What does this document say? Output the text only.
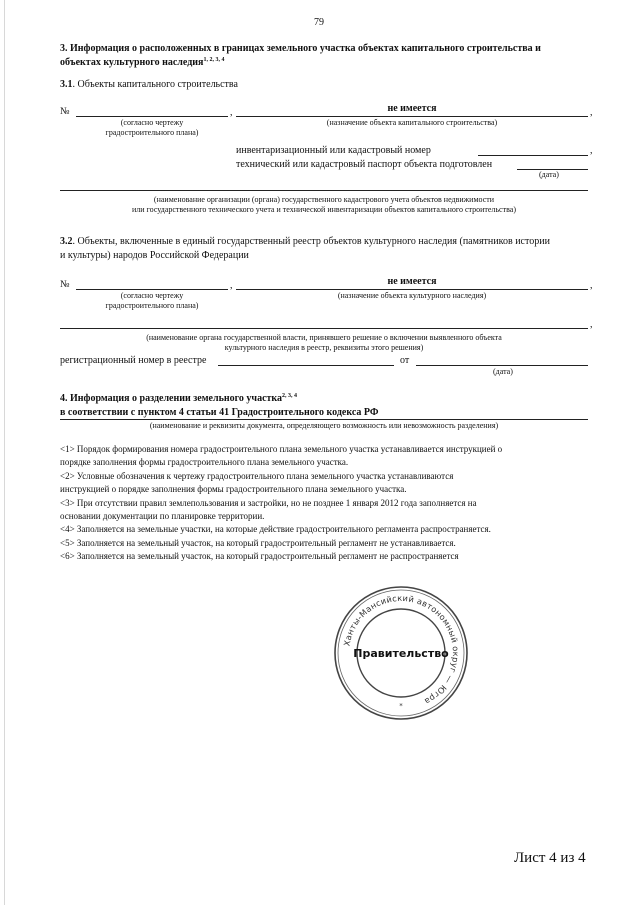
79
3. Информация о расположенных в границах земельного участка объектах капитального строительства и
объектах культурного наследия$^{1, 2, 3, 4}$
3.1. Объекты капитального строительства
№	,	не имеется	,
(согласно чертежу
градостроительного плана)
(назначение объекта капитального строительства)
инвентаризационный или кадастровый номер	,
технический или кадастровый паспорт объекта подготовлен
(дата)
(наименование организации (органа) государственного кадастрового учета объектов недвижимости
или государственного технического учета и технической инвентаризации объектов капитального строительства)
3.2. Объекты, включенные в единый государственный реестр объектов культурного наследия (памятников истории
и культуры) народов Российской Федерации
№	,	не имеется	,
(согласно чертежу
градостроительного плана)
(назначение объекта культурного наследия)
,
(наименование органа государственной власти, принявшего решение о включении выявленного объекта
культурного наследия в реестр, реквизиты этого решения)
регистрационный номер в реестре	от
(дата)
4. Информация о разделении земельного участка$^{2, 3, 4}$
в соответствии с пунктом 4 статьи 41 Градостроительного кодекса РФ
(наименование и реквизиты документа, определяющего возможность или невозможность разделения)
<1> Порядок формирования номера градостроительного плана земельного участка устанавливается инструкцией о
порядке заполнения формы градостроительного плана земельного участка.
<2> Условные обозначения к чертежу градостроительного плана земельного участка устанавливаются
инструкцией о порядке заполнения формы градостроительного плана земельного участка.
<3> При отсутствии правил землепользования и застройки, но не позднее 1 января 2012 года заполняется на
основании документации по планировке территории.
<4> Заполняется на земельные участки, на которые действие градостроительного регламента распространяется.
<5> Заполняется на земельный участок, на который градостроительный регламент не устанавливается.
<6> Заполняется на земельный участок, на который градостроительный регламент не распространяется
Ханты-Мансийский автономный округ — Югра
Правительство
*
Лист 4 из 4
